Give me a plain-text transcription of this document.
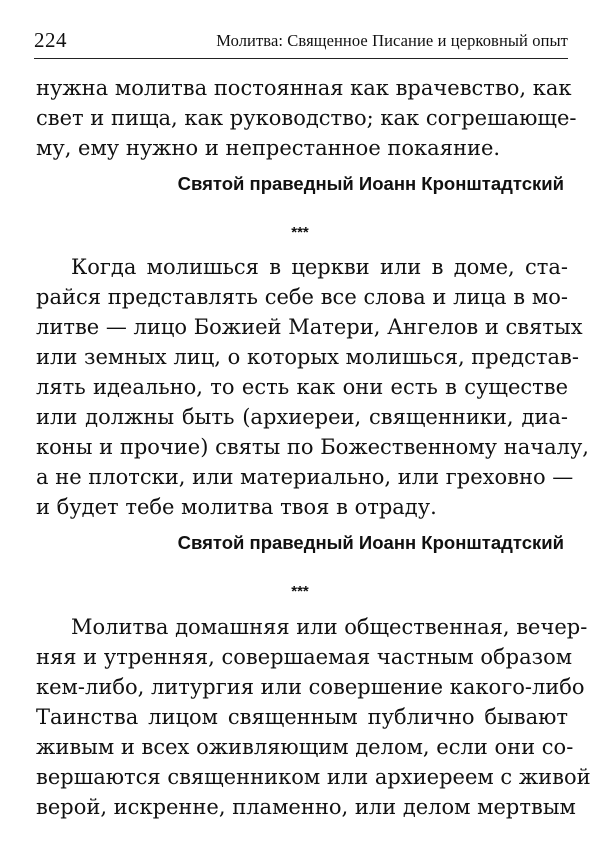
224	Молитва: Священное Писание и церковный опыт
нужна молитва постоянная как врачевство, как
свет и пища, как руководство; как согрешающе-
му, ему нужно и непрестанное покаяние.
Святой праведный Иоанн Кронштадтский
***
Когда молишься в церкви или в доме, ста-
райся представлять себе все слова и лица в мо-
литве — лицо Божией Матери, Ангелов и святых
или земных лиц, о которых молишься, представ-
лять идеально, то есть как они есть в существе
или должны быть (архиереи, священники, диа-
коны и прочие) святы по Божественному началу,
а не плотски, или материально, или греховно —
и будет тебе молитва твоя в отраду.
Святой праведный Иоанн Кронштадтский
***
Молитва домашняя или общественная, вечер-
няя и утренняя, совершаемая частным образом
кем-либо, литургия или совершение какого-либо
Таинства лицом священным публично бывают
живым и всех оживляющим делом, если они со-
вершаются священником или архиереем с живой
верой, искренне, пламенно, или делом мертвым
